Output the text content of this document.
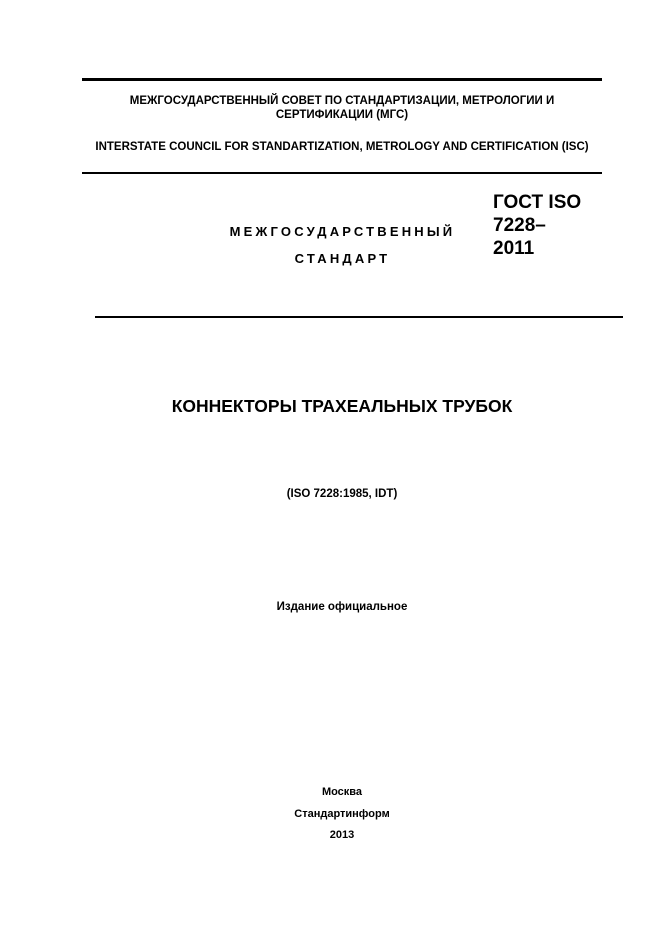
МЕЖГОСУДАРСТВЕННЫЙ СОВЕТ ПО СТАНДАРТИЗАЦИИ, МЕТРОЛОГИИ И СЕРТИФИКАЦИИ (МГС)
INTERSTATE COUNCIL FOR STANDARTIZATION, METROLOGY AND CERTIFICATION (ISC)
МЕЖГОСУДАРСТВЕННЫЙ
СТАНДАРТ
ГОСТ ISO
7228–
2011
КОННЕКТОРЫ ТРАХЕАЛЬНЫХ ТРУБОК
(ISO 7228:1985, IDT)
Издание официальное
Москва
Стандартинформ
2013
